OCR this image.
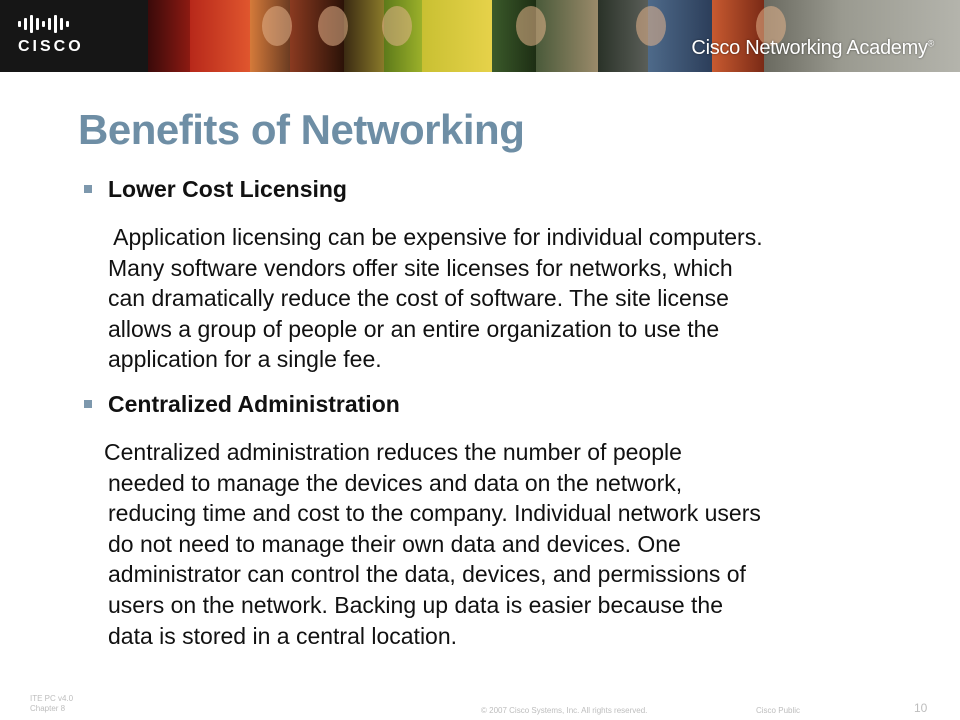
CISCO	Cisco Networking Academy®
Benefits of Networking
Lower Cost Licensing
Application licensing can be expensive for individual computers.
Many software vendors offer site licenses for networks, which
can dramatically reduce the cost of software. The site license
allows a group of people or an entire organization to use the
application for a single fee.
Centralized Administration
Centralized administration reduces the number of people
needed to manage the devices and data on the network,
reducing time and cost to the company. Individual network users
do not need to manage their own data and devices. One
administrator can control the data, devices, and permissions of
users on the network. Backing up data is easier because the
data is stored in a central location.
ITE PC v4.0
Chapter 8	© 2007 Cisco Systems, Inc. All rights reserved.	Cisco Public	10
